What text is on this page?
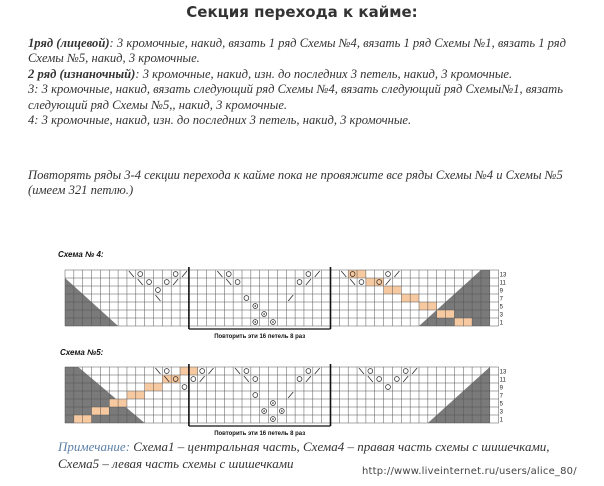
Секция перехода к кайме:

1ряд (лицевой): 3 кромочные, накид, вязать 1 ряд Схемы №4, вязать 1 ряд Схемы №1, вязать 1 ряд Схемы №5, накид, 3 кромочные.

2 ряд (изнаночный): 3 кромочные, накид, изн. до последних 3 петель, накид, 3 кромочные.

3: 3 кромочные, накид, вязать следующий ряд Схемы №4, вязать следующий ряд Схемы№1, вязать следующий ряд Схемы №5,, накид, 3 кромочные.

4: 3 кромочные, накид, изн. до последних 3 петель, накид, 3 кромочные.

Повторять ряды 3-4 секции перехода к кайме пока не провяжите все ряды Схемы №4 и Схемы №5 (имеем 321 петлю.)
Схема № 4:
Схема №5:
Повторить эти 16 петель 8 раз
13
11
9
7
5
3
1
Повторить эти 16 петель 8 раз
13
11
9
7
5
3
1
Примечание: Схема1 – центральная часть, Схема4 – правая часть схемы с шишечками, Схема5 – левая часть схемы с шишечками
http://www.liveinternet.ru/users/alice_80/
